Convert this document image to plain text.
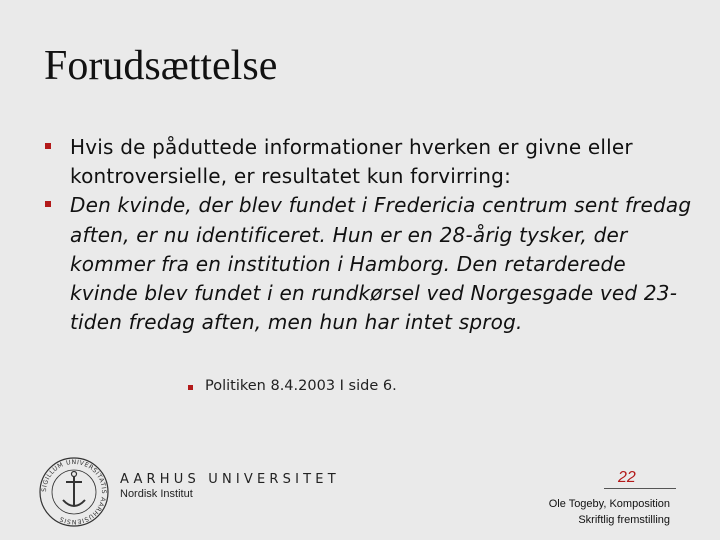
Forudsættelse
Hvis de påduttede informationer hverken er givne eller kontroversielle, er resultatet kun forvirring:
Den kvinde, der blev fundet i Fredericia centrum sent fredag aften, er nu identificeret. Hun er en 28-årig tysker, der kommer fra en institution i Hamborg. Den retarderede kvinde blev fundet i en rundkørsel ved Norgesgade ved 23-tiden fredag aften, men hun har intet sprog.
Politiken 8.4.2003 I side 6.
SIGILLUM UNIVERSITATIS AARHUSIENSIS
AARHUS UNIVERSITET
Nordisk Institut
22
Ole Togeby, Komposition
Skriftlig fremstilling
